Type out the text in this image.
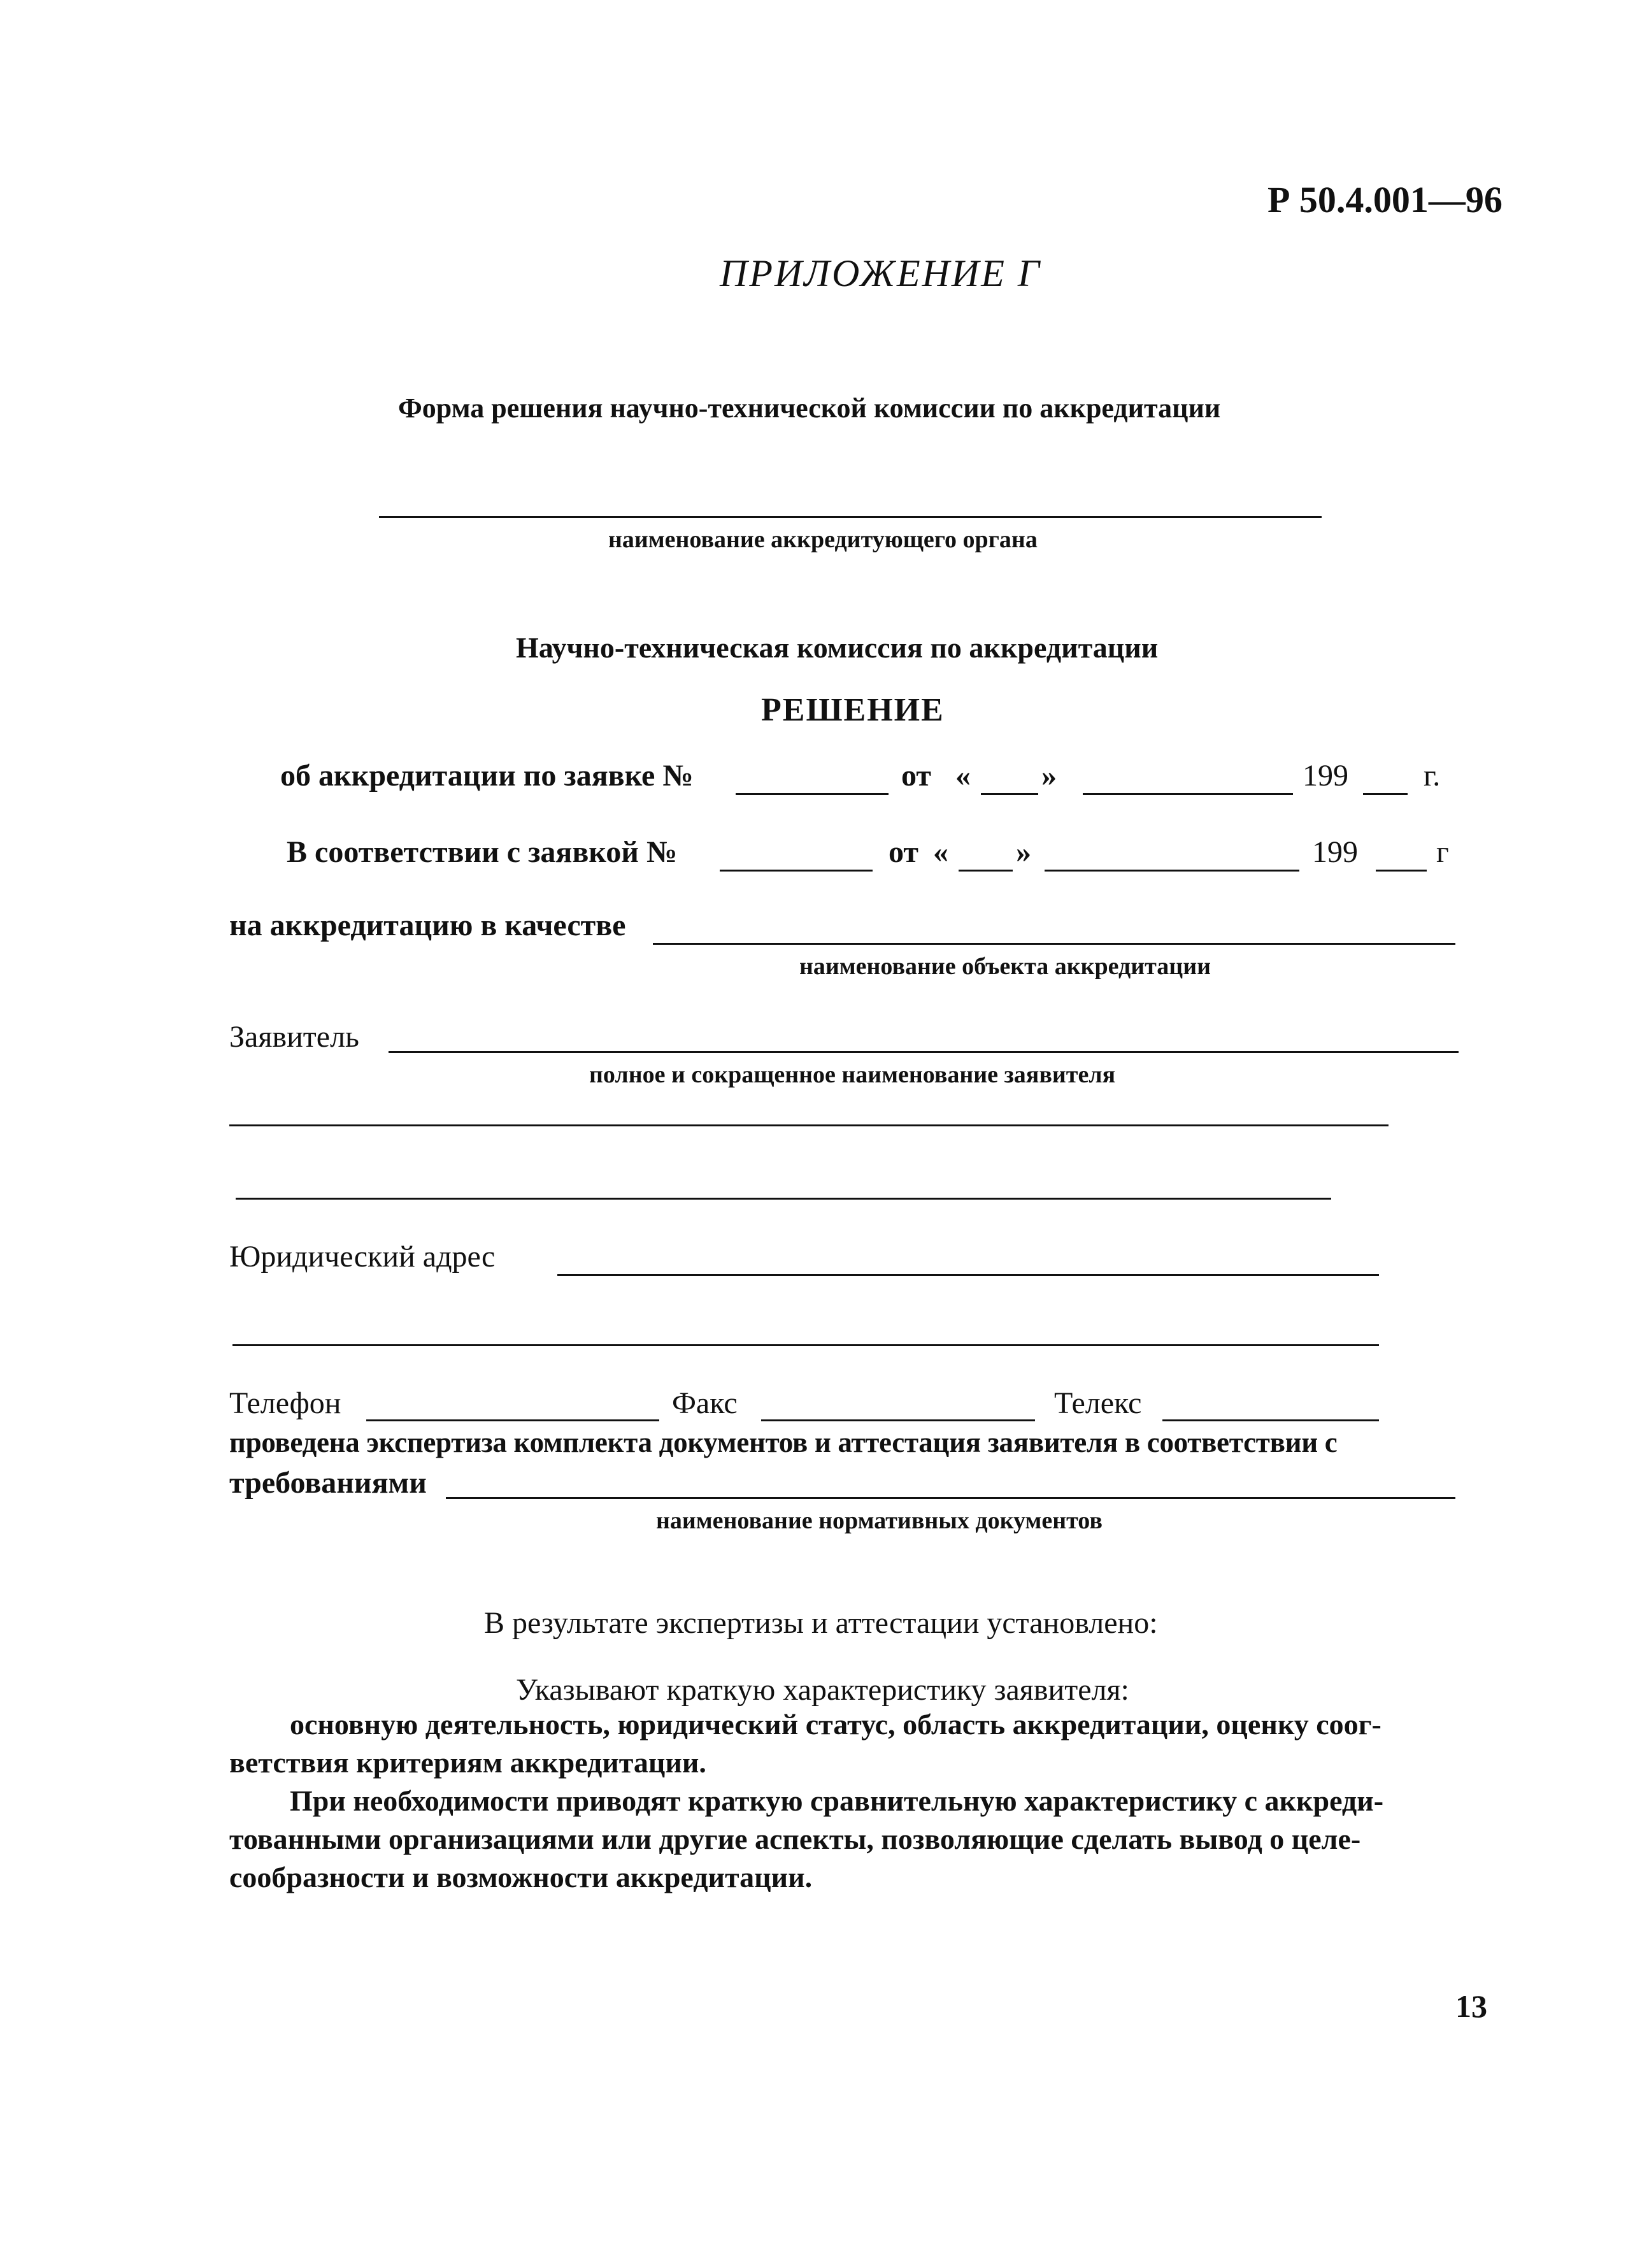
Р 50.4.001—96
ПРИЛОЖЕНИЕ Г
Форма решения научно-технической комиссии по аккредитации
наименование аккредитующего органа
Научно-техническая комиссия по аккредитации
РЕШЕНИЕ
об аккредитации по заявке №	от « »	199 г.
В соответствии с заявкой №	от « »	199	г
на аккредитацию в качестве
наименование объекта аккредитации
Заявитель
полное и сокращенное наименование заявителя
Юридический адрес
Телефон	Факс	Телекс
проведена экспертиза комплекта документов и аттестация заявителя в соответствии с
требованиями
наименование нормативных документов
В результате экспертизы и аттестации установлено:
Указывают краткую характеристику заявителя:
основную деятельность, юридический статус, область аккредитации, оценку соог-
ветствия критериям аккредитации.
При необходимости приводят краткую сравнительную характеристику с аккреди-
тованными организациями или другие аспекты, позволяющие сделать вывод о целе-
сообразности и возможности аккредитации.
13
